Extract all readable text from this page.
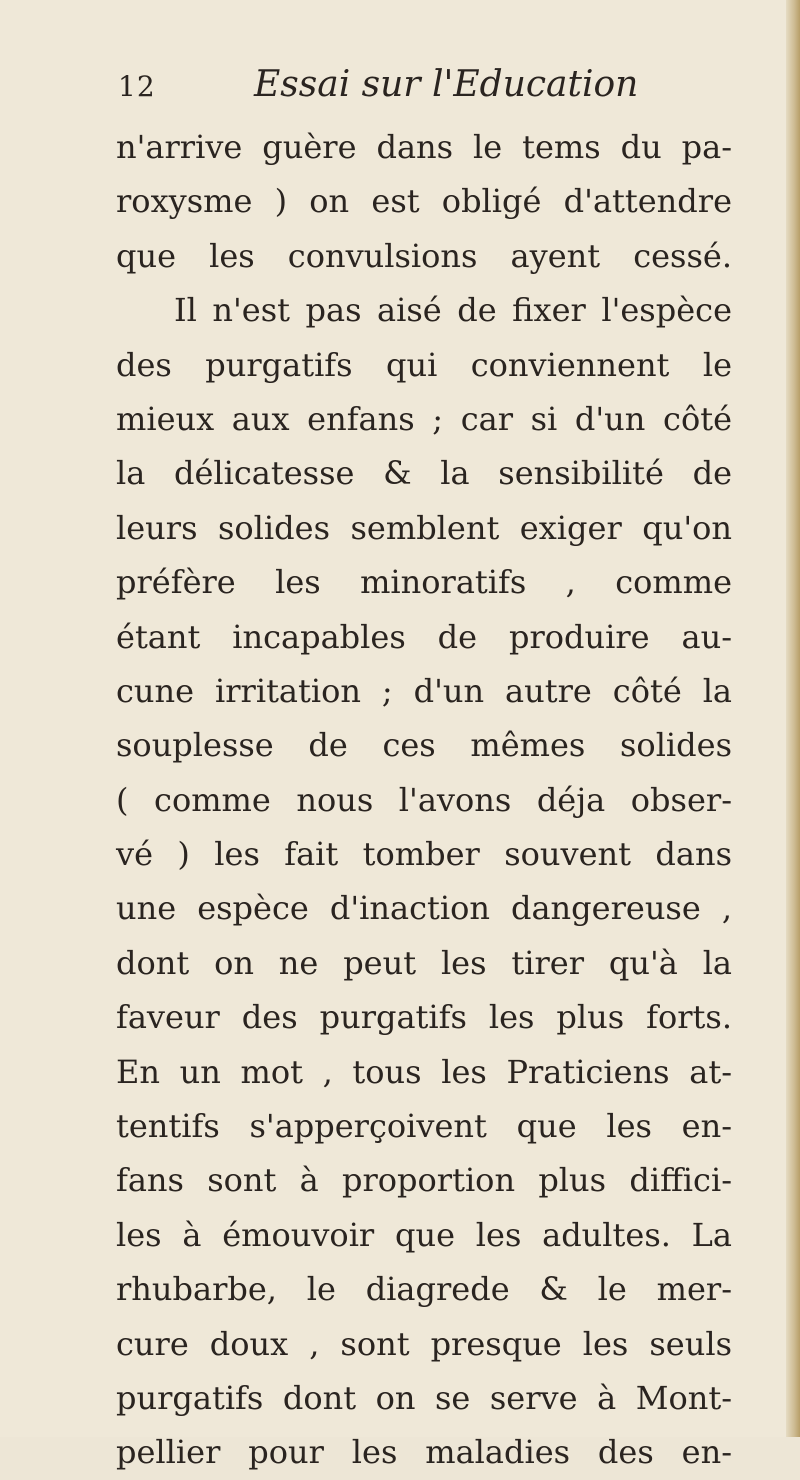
12	Essai sur l'Education
n'arrive guère dans le tems du pa-
roxysme ) on est obligé d'attendre
que les convulsions ayent cessé.
Il n'est pas aisé de fixer l'espèce
des purgatifs qui conviennent le
mieux aux enfans ; car si d'un côté
la délicatesse & la sensibilité de
leurs solides semblent exiger qu'on
préfère les minoratifs , comme
étant incapables de produire au-
cune irritation ; d'un autre côté la
souplesse de ces mêmes solides
( comme nous l'avons déja obser-
vé ) les fait tomber souvent dans
une espèce d'inaction dangereuse ,
dont on ne peut les tirer qu'à la
faveur des purgatifs les plus forts.
En un mot , tous les Praticiens at-
tentifs s'apperçoivent que les en-
fans sont à proportion plus diffici-
les à émouvoir que les adultes. La
rhubarbe, le diagrede & le mer-
cure doux , sont presque les seuls
purgatifs dont on se serve à Mont-
pellier pour les maladies des en-
